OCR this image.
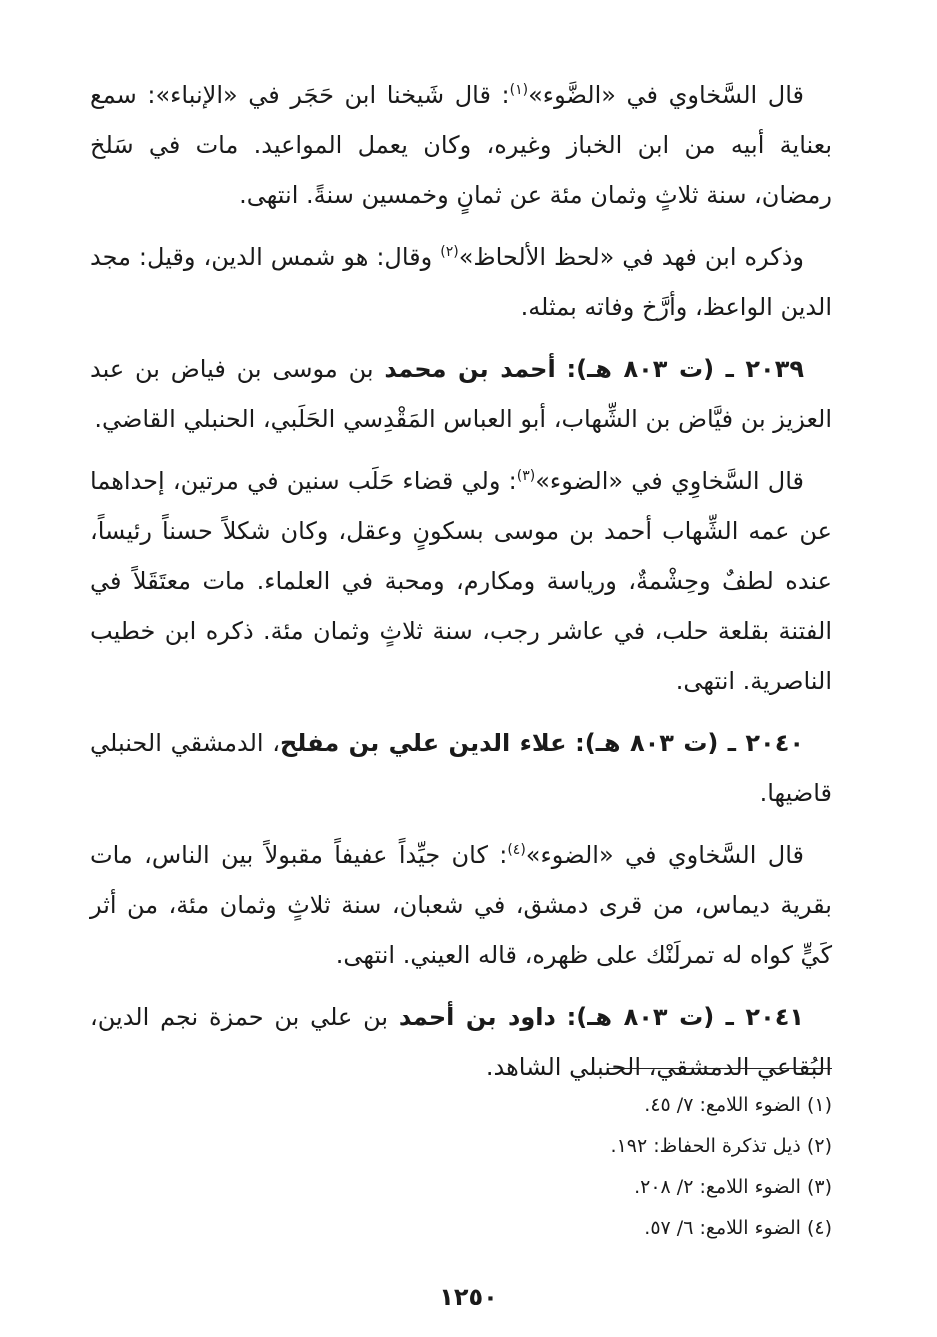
قال السَّخاوي في «الضَّوء»$^{(١)}$: قال شَيخنا ابن حَجَر في «الإنباء»: سمع بعناية أبيه من ابن الخباز وغيره، وكان يعمل المواعيد. مات في سَلخ رمضان، سنة ثلاثٍ وثمان مئة عن ثمانٍ وخمسين سنةً. انتهى.

وذكره ابن فهد في «لحظ الألحاظ»$^{(٢)}$ وقال: هو شمس الدين، وقيل: مجد الدين الواعظ، وأرَّخ وفاته بمثله.

٢٠٣٩ ـ (ت ٨٠٣ هـ): أحمد بن محمد بن موسى بن فياض بن عبد العزيز بن فيَّاض بن الشِّهاب، أبو العباس المَقْدِسي الحَلَبي، الحنبلي القاضي.

قال السَّخاوِي في «الضوء»$^{(٣)}$: ولي قضاء حَلَب سنين في مرتين، إحداهما عن عمه الشِّهاب أحمد بن موسى بسكونٍ وعقل، وكان شكلاً حسناً رئيساً، عنده لطفٌ وحِشْمةٌ، ورياسة ومكارم، ومحبة في العلماء. مات معتَقَلاً في الفتنة بقلعة حلب، في عاشر رجب، سنة ثلاثٍ وثمان مئة. ذكره ابن خطيب الناصرية. انتهى.

٢٠٤٠ ـ (ت ٨٠٣ هـ): علاء الدين علي بن مفلح، الدمشقي الحنبلي قاضيها.

قال السَّخاوي في «الضوء»$^{(٤)}$: كان جيِّداً عفيفاً مقبولاً بين الناس، مات بقرية ديماس، من قرى دمشق، في شعبان، سنة ثلاثٍ وثمان مئة، من أثر كَيٍّ كواه له تمرلَنْك على ظهره، قاله العيني. انتهى.

٢٠٤١ ـ (ت ٨٠٣ هـ): داود بن أحمد بن علي بن حمزة نجم الدين، البُقاعي الدمشقي، الحنبلي الشاهد.

(١) الضوء اللامع: ٧/ ٤٥.

(٢) ذيل تذكرة الحفاظ: ١٩٢.

(٣) الضوء اللامع: ٢/ ٢٠٨.

(٤) الضوء اللامع: ٦/ ٥٧.

١٢٥٠
